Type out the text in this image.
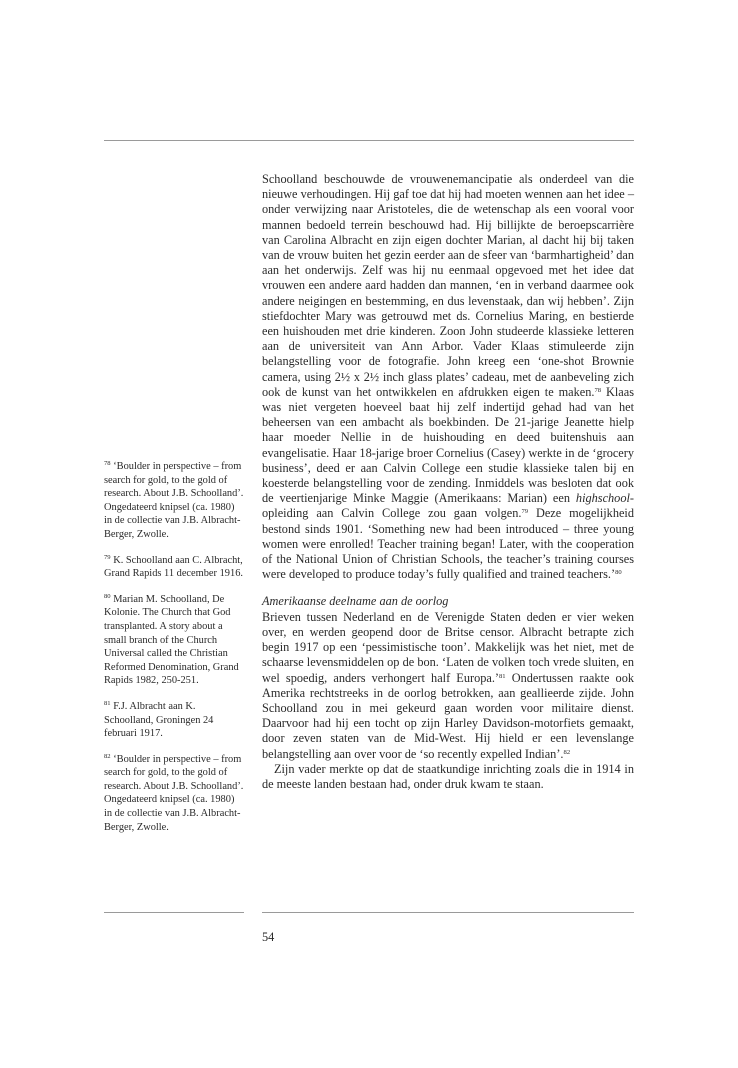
$^{78}$ ‘Boulder in perspective – from search for gold, to the gold of research. About J.B. Schoolland’. Ongedateerd knipsel (ca. 1980) in de collectie van J.B. Albracht-Berger, Zwolle.

$^{79}$ K. Schoolland aan C. Albracht, Grand Rapids 11 december 1916.

$^{80}$ Marian M. Schoolland, De Kolonie. The Church that God transplanted. A story about a small branch of the Church Universal called the Christian Reformed Denomination, Grand Rapids 1982, 250-251.

$^{81}$ F.J. Albracht aan K. Schoolland, Groningen 24 februari 1917.

$^{82}$ ‘Boulder in perspective – from search for gold, to the gold of research. About J.B. Schoolland’. Ongedateerd knipsel (ca. 1980) in de collectie van J.B. Albracht-Berger, Zwolle.

Schoolland beschouwde de vrouwenemancipatie als onderdeel van die nieuwe verhoudingen. Hij gaf toe dat hij had moeten wennen aan het idee – onder verwijzing naar Aristoteles, die de wetenschap als een vooral voor mannen bedoeld terrein beschouwd had. Hij billijkte de beroepscarrière van Carolina Albracht en zijn eigen dochter Marian, al dacht hij bij taken van de vrouw buiten het gezin eerder aan de sfeer van ‘barmhartigheid’ dan aan het onderwijs. Zelf was hij nu eenmaal opgevoed met het idee dat vrouwen een andere aard hadden dan mannen, ‘en in verband daarmee ook andere neigingen en bestemming, en dus levenstaak, dan wij hebben’. Zijn stiefdochter Mary was getrouwd met ds. Cornelius Maring, en bestierde een huishouden met drie kinderen. Zoon John studeerde klassieke letteren aan de universiteit van Ann Arbor. Vader Klaas stimuleerde zijn belangstelling voor de fotografie. John kreeg een ‘one-shot Brownie camera, using 2½ x 2½ inch glass plates’ cadeau, met de aanbeveling zich ook de kunst van het ontwikkelen en afdrukken eigen te maken.$^{78}$ Klaas was niet vergeten hoeveel baat hij zelf indertijd gehad had van het beheersen van een ambacht als boekbinden. De 21-jarige Jeanette hielp haar moeder Nellie in de huishouding en deed buitenshuis aan evangelisatie. Haar 18-jarige broer Cornelius (Casey) werkte in de ‘grocery business’, deed er aan Calvin College een studie klassieke talen bij en koesterde belangstelling voor de zending. Inmiddels was besloten dat ook de veertienjarige Minke Maggie (Amerikaans: Marian) een highschool-opleiding aan Calvin College zou gaan volgen.$^{79}$ Deze mogelijkheid bestond sinds 1901. ‘Something new had been introduced – three young women were enrolled! Teacher training began! Later, with the cooperation of the National Union of Christian Schools, the teacher’s training courses were developed to produce today’s fully qualified and trained teachers.’$^{80}$

Amerikaanse deelname aan de oorlog

Brieven tussen Nederland en de Verenigde Staten deden er vier weken over, en werden geopend door de Britse censor. Albracht betrapte zich begin 1917 op een ‘pessimistische toon’. Makkelijk was het niet, met de schaarse levensmiddelen op de bon. ‘Laten de volken toch vrede sluiten, en wel spoedig, anders verhongert half Europa.’$^{81}$ Ondertussen raakte ook Amerika rechtstreeks in de oorlog betrokken, aan geallieerde zijde. John Schoolland zou in mei gekeurd gaan worden voor militaire dienst. Daarvoor had hij een tocht op zijn Harley Davidson-motorfiets gemaakt, door zeven staten van de Mid-West. Hij hield er een levenslange belangstelling aan over voor de ‘so recently expelled Indian’.$^{82}$

Zijn vader merkte op dat de staatkundige inrichting zoals die in 1914 in de meeste landen bestaan had, onder druk kwam te staan.

54
